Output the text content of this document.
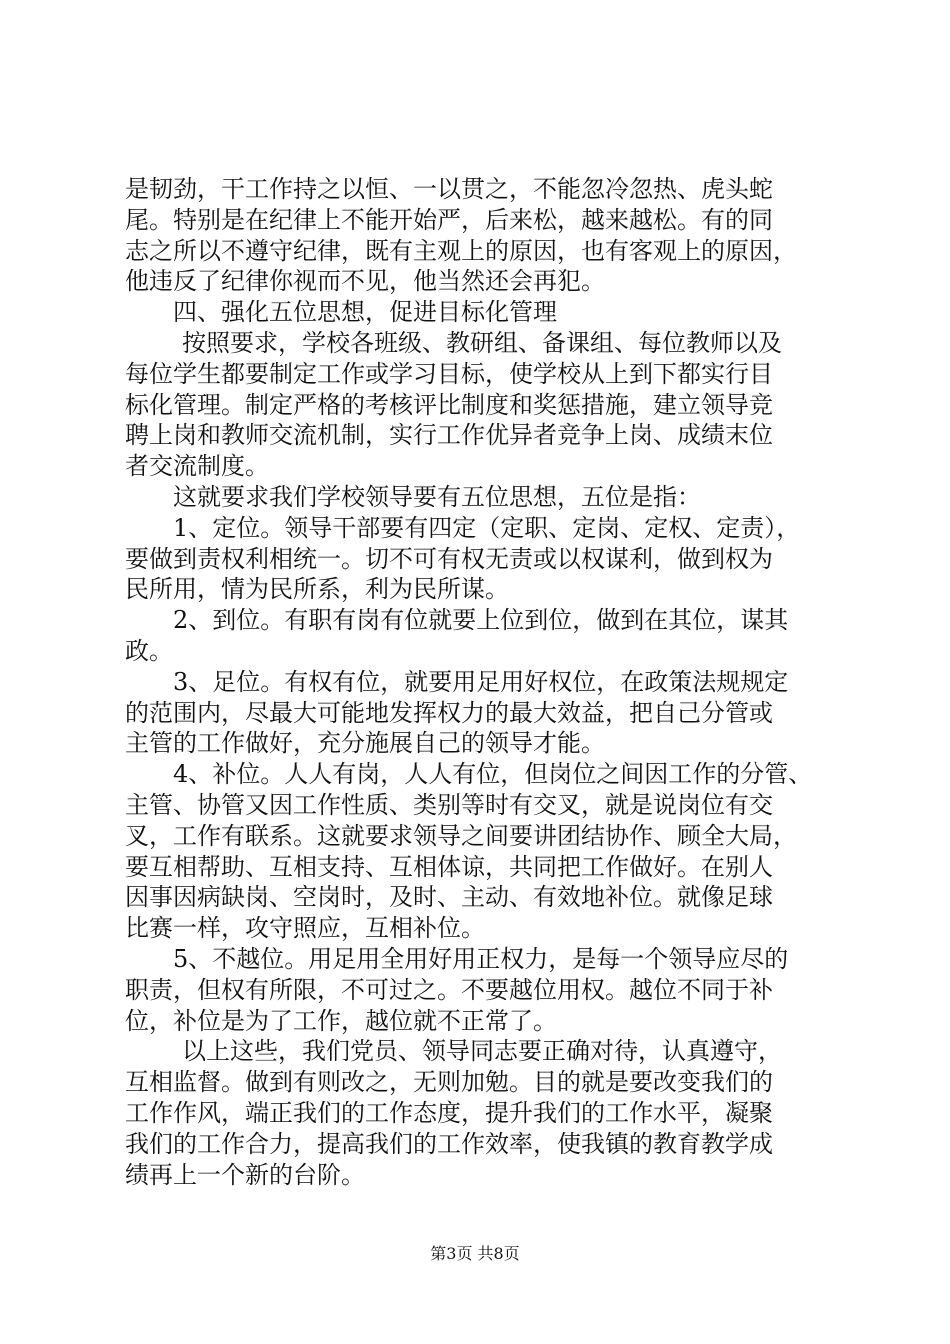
是韧劲，干工作持之以恒、一以贯之，不能忽冷忽热、虎头蛇
尾。特别是在纪律上不能开始严，后来松，越来越松。有的同
志之所以不遵守纪律，既有主观上的原因，也有客观上的原因，
他违反了纪律你视而不见，他当然还会再犯。
四、强化五位思想，促进目标化管理
按照要求，学校各班级、教研组、备课组、每位教师以及
每位学生都要制定工作或学习目标，使学校从上到下都实行目
标化管理。制定严格的考核评比制度和奖惩措施，建立领导竞
聘上岗和教师交流机制，实行工作优异者竞争上岗、成绩末位
者交流制度。
这就要求我们学校领导要有五位思想，五位是指：
1、定位。领导干部要有四定（定职、定岗、定权、定责），
要做到责权利相统一。切不可有权无责或以权谋利，做到权为
民所用，情为民所系，利为民所谋。
2、到位。有职有岗有位就要上位到位，做到在其位，谋其
政。
3、足位。有权有位，就要用足用好权位，在政策法规规定
的范围内，尽最大可能地发挥权力的最大效益，把自己分管或
主管的工作做好，充分施展自己的领导才能。
4、补位。人人有岗，人人有位，但岗位之间因工作的分管、
主管、协管又因工作性质、类别等时有交叉，就是说岗位有交
叉，工作有联系。这就要求领导之间要讲团结协作、顾全大局，
要互相帮助、互相支持、互相体谅，共同把工作做好。在别人
因事因病缺岗、空岗时，及时、主动、有效地补位。就像足球
比赛一样，攻守照应，互相补位。
5、不越位。用足用全用好用正权力，是每一个领导应尽的
职责，但权有所限，不可过之。不要越位用权。越位不同于补
位，补位是为了工作，越位就不正常了。
以上这些，我们党员、领导同志要正确对待，认真遵守，
互相监督。做到有则改之，无则加勉。目的就是要改变我们的
工作作风，端正我们的工作态度，提升我们的工作水平，凝聚
我们的工作合力，提高我们的工作效率，使我镇的教育教学成
绩再上一个新的台阶。
第3页 共8页
